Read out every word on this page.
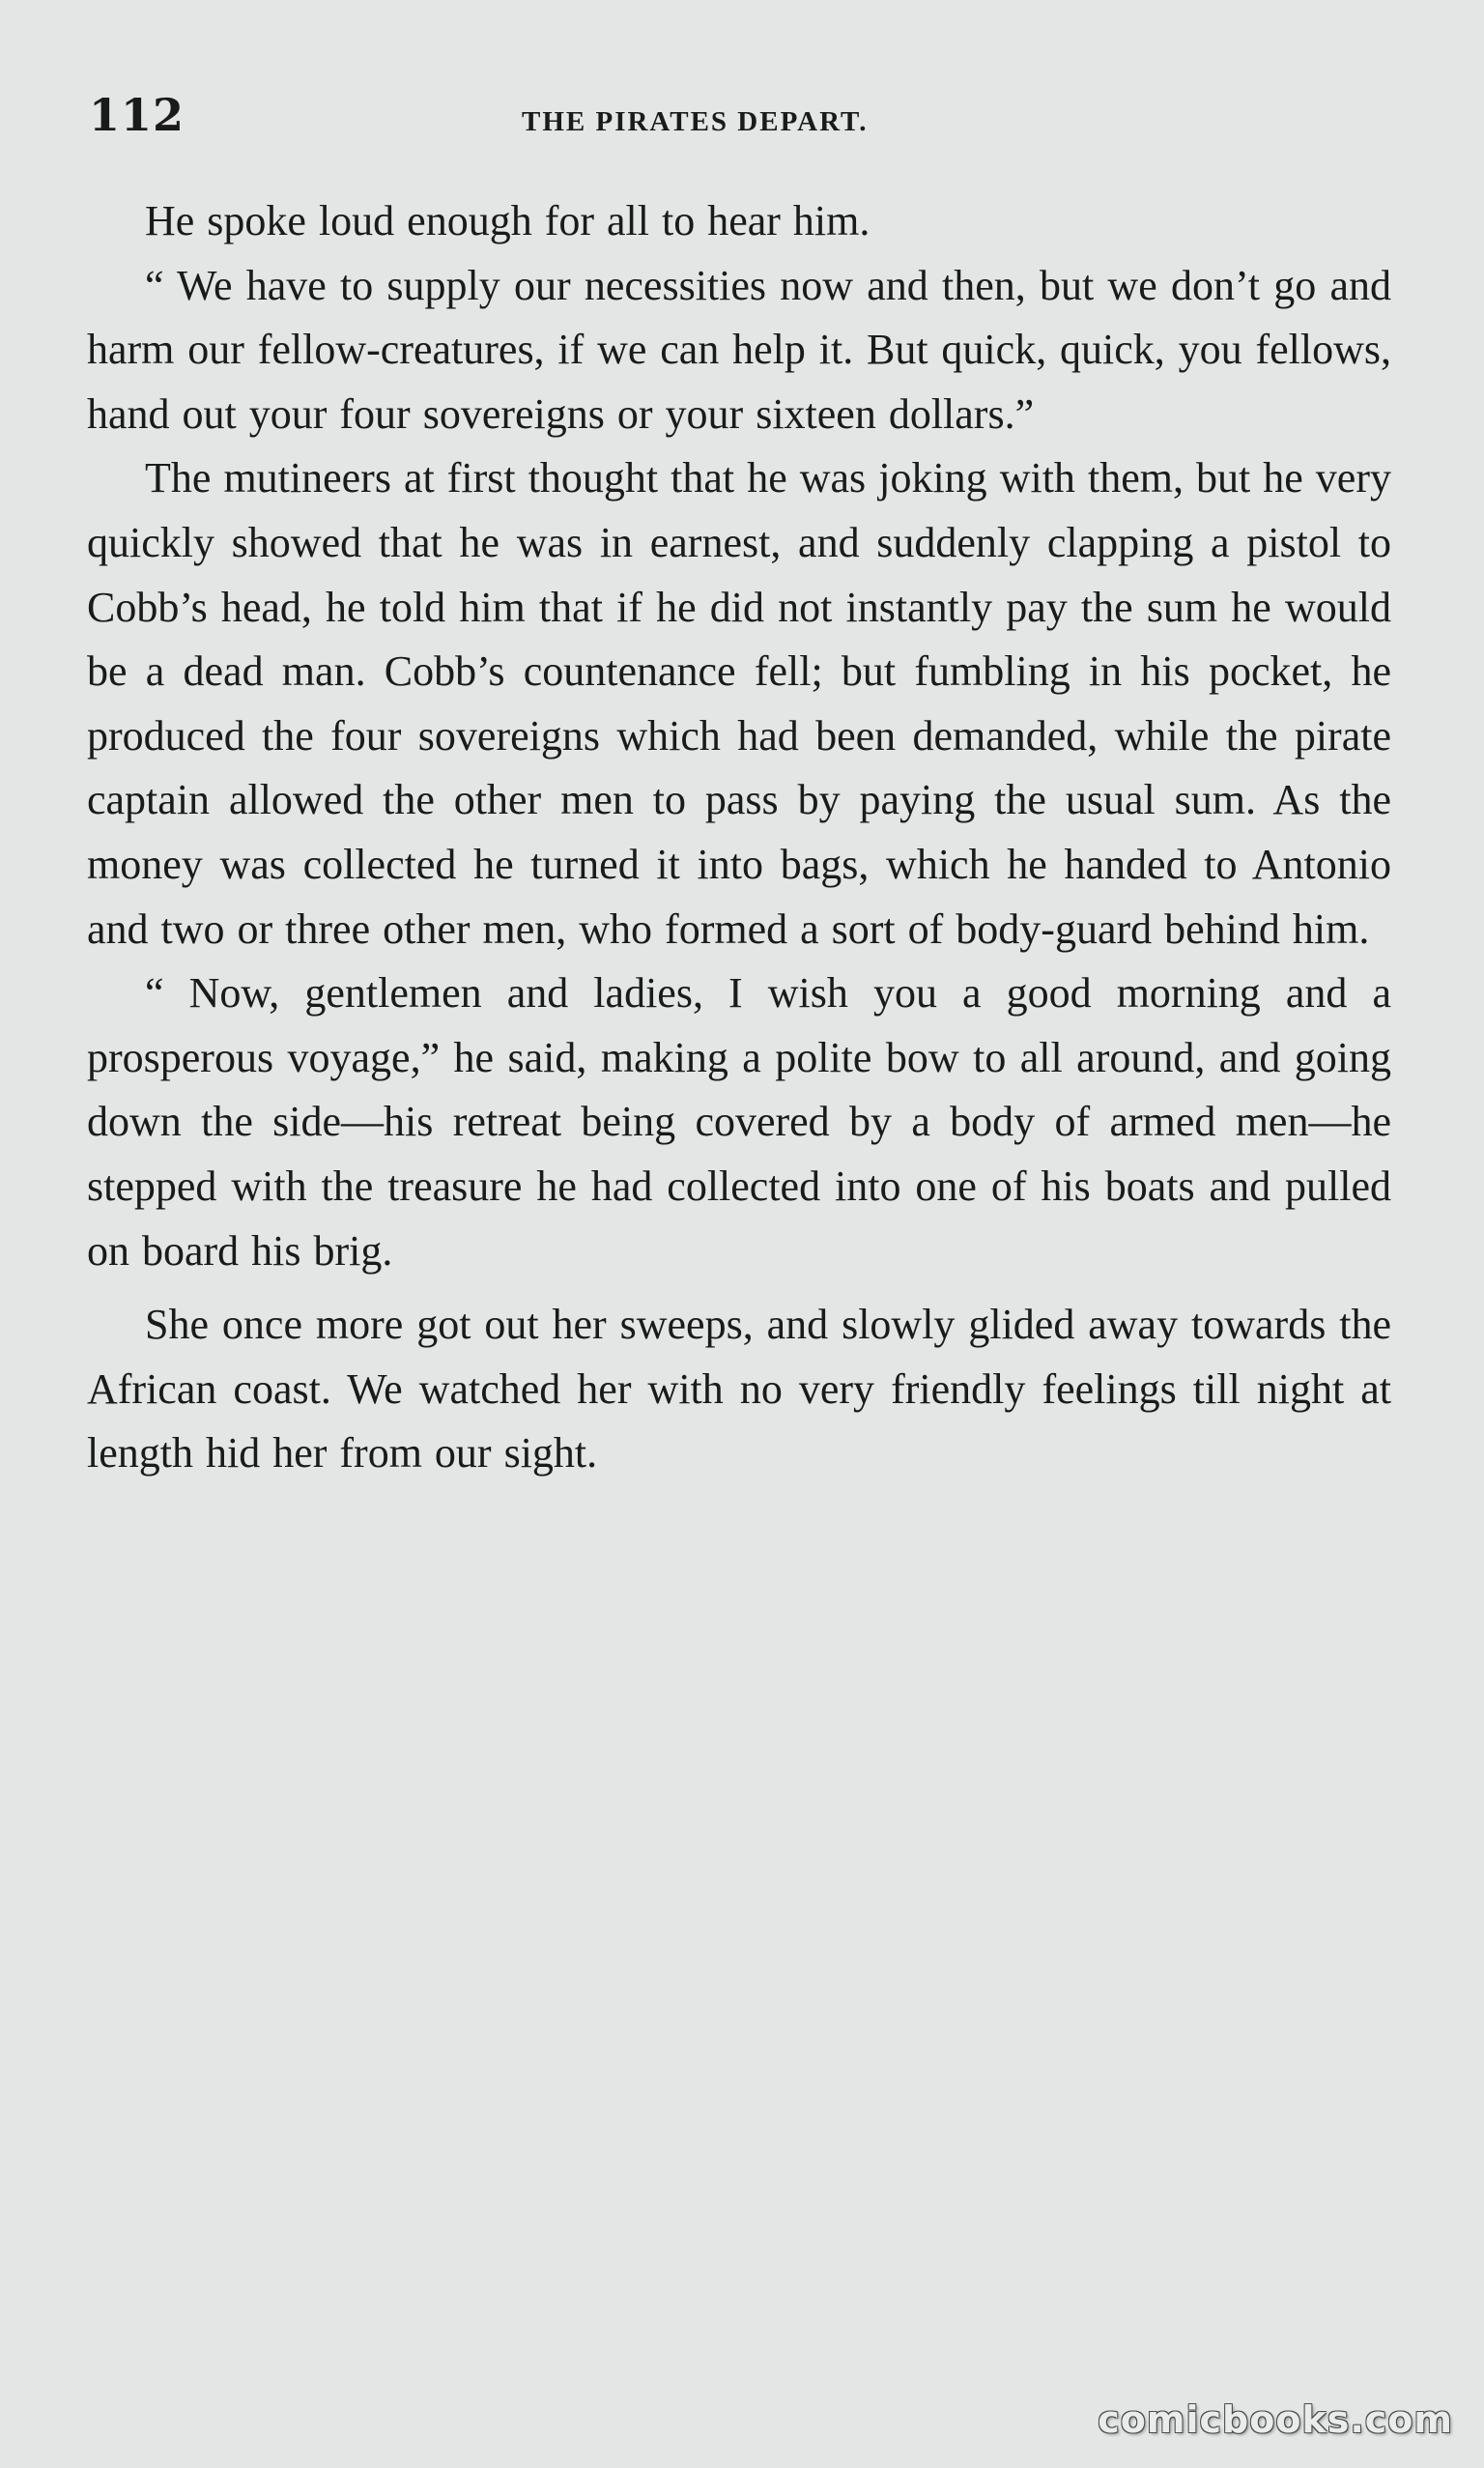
112	THE PIRATES DEPART.

He spoke loud enough for all to hear him.

“ We have to supply our necessities now and then, but we don’t go and harm our fellow-creatures, if we can help it. But quick, quick, you fellows, hand out your four sovereigns or your sixteen dollars.”

The mutineers at first thought that he was joking with them, but he very quickly showed that he was in earnest, and suddenly clapping a pistol to Cobb’s head, he told him that if he did not instantly pay the sum he would be a dead man. Cobb’s countenance fell; but fumbling in his pocket, he produced the four sovereigns which had been demanded, while the pirate captain allowed the other men to pass by paying the usual sum. As the money was collected he turned it into bags, which he handed to Antonio and two or three other men, who formed a sort of body-guard behind him.

“ Now, gentlemen and ladies, I wish you a good morning and a prosperous voyage,” he said, making a polite bow to all around, and going down the side—his retreat being covered by a body of armed men—he stepped with the treasure he had collected into one of his boats and pulled on board his brig.

She once more got out her sweeps, and slowly glided away towards the African coast. We watched her with no very friendly feelings till night at length hid her from our sight.

comicbooks.com
